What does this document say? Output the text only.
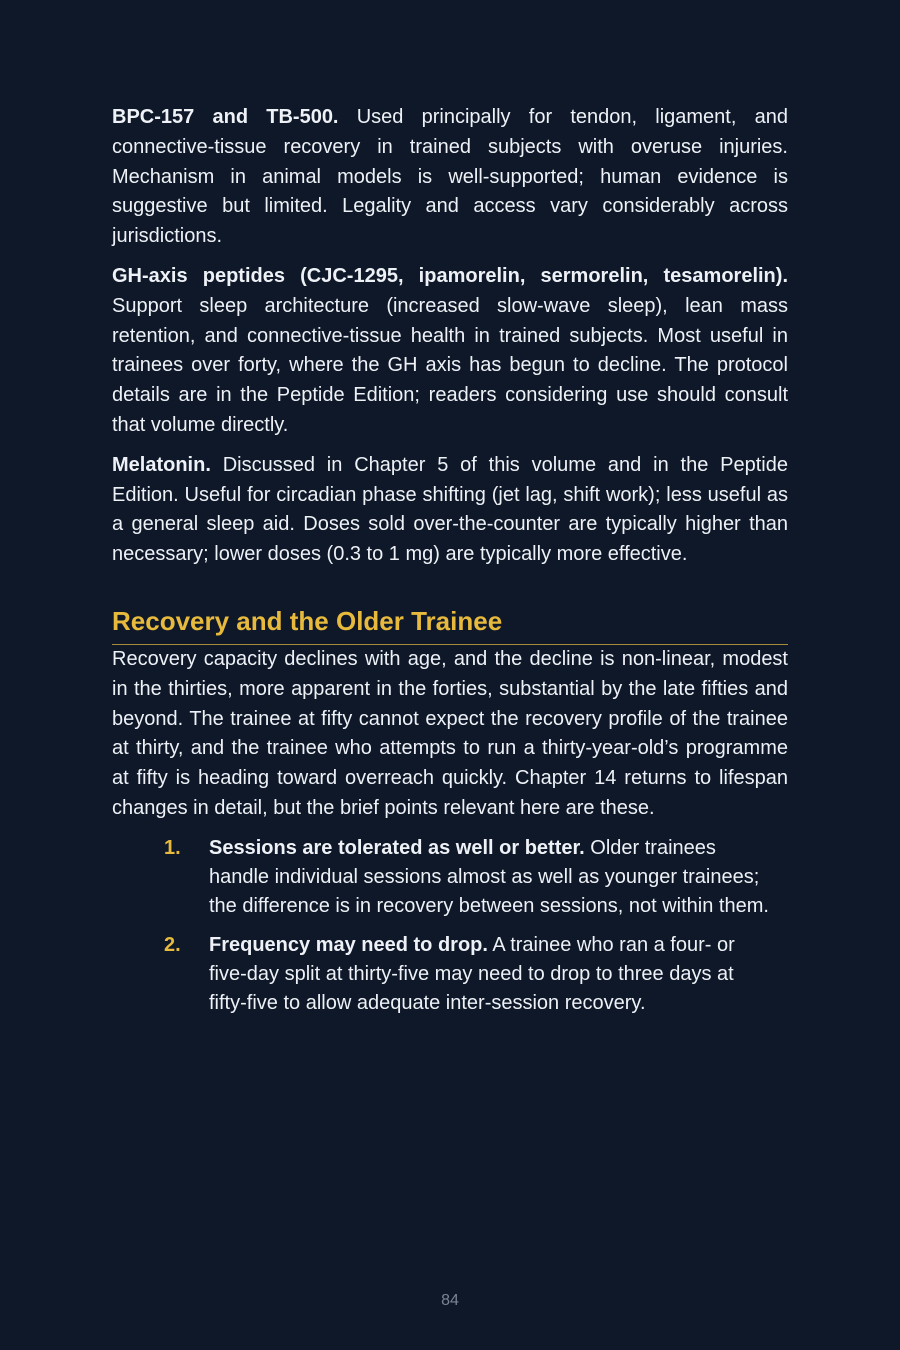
BPC-157 and TB-500. Used principally for tendon, ligament, and connective-tissue recovery in trained subjects with overuse injuries. Mechanism in animal models is well-supported; human evidence is suggestive but limited. Legality and access vary considerably across jurisdictions.

GH-axis peptides (CJC-1295, ipamorelin, sermorelin, tesamorelin). Support sleep architecture (increased slow-wave sleep), lean mass retention, and connective-tissue health in trained subjects. Most useful in trainees over forty, where the GH axis has begun to decline. The protocol details are in the Peptide Edition; readers considering use should consult that volume directly.

Melatonin. Discussed in Chapter 5 of this volume and in the Peptide Edition. Useful for circadian phase shifting (jet lag, shift work); less useful as a general sleep aid. Doses sold over-the-counter are typically higher than necessary; lower doses (0.3 to 1 mg) are typically more effective.

Recovery and the Older Trainee

Recovery capacity declines with age, and the decline is non-linear, modest in the thirties, more apparent in the forties, substantial by the late fifties and beyond. The trainee at fifty cannot expect the recovery profile of the trainee at thirty, and the trainee who attempts to run a thirty-year-old’s programme at fifty is heading toward overreach quickly. Chapter 14 returns to lifespan changes in detail, but the brief points relevant here are these.

1. Sessions are tolerated as well or better. Older trainees handle individual sessions almost as well as younger trainees; the difference is in recovery between sessions, not within them.
2. Frequency may need to drop. A trainee who ran a four- or five-day split at thirty-five may need to drop to three days at fifty-five to allow adequate inter-session recovery.
84
